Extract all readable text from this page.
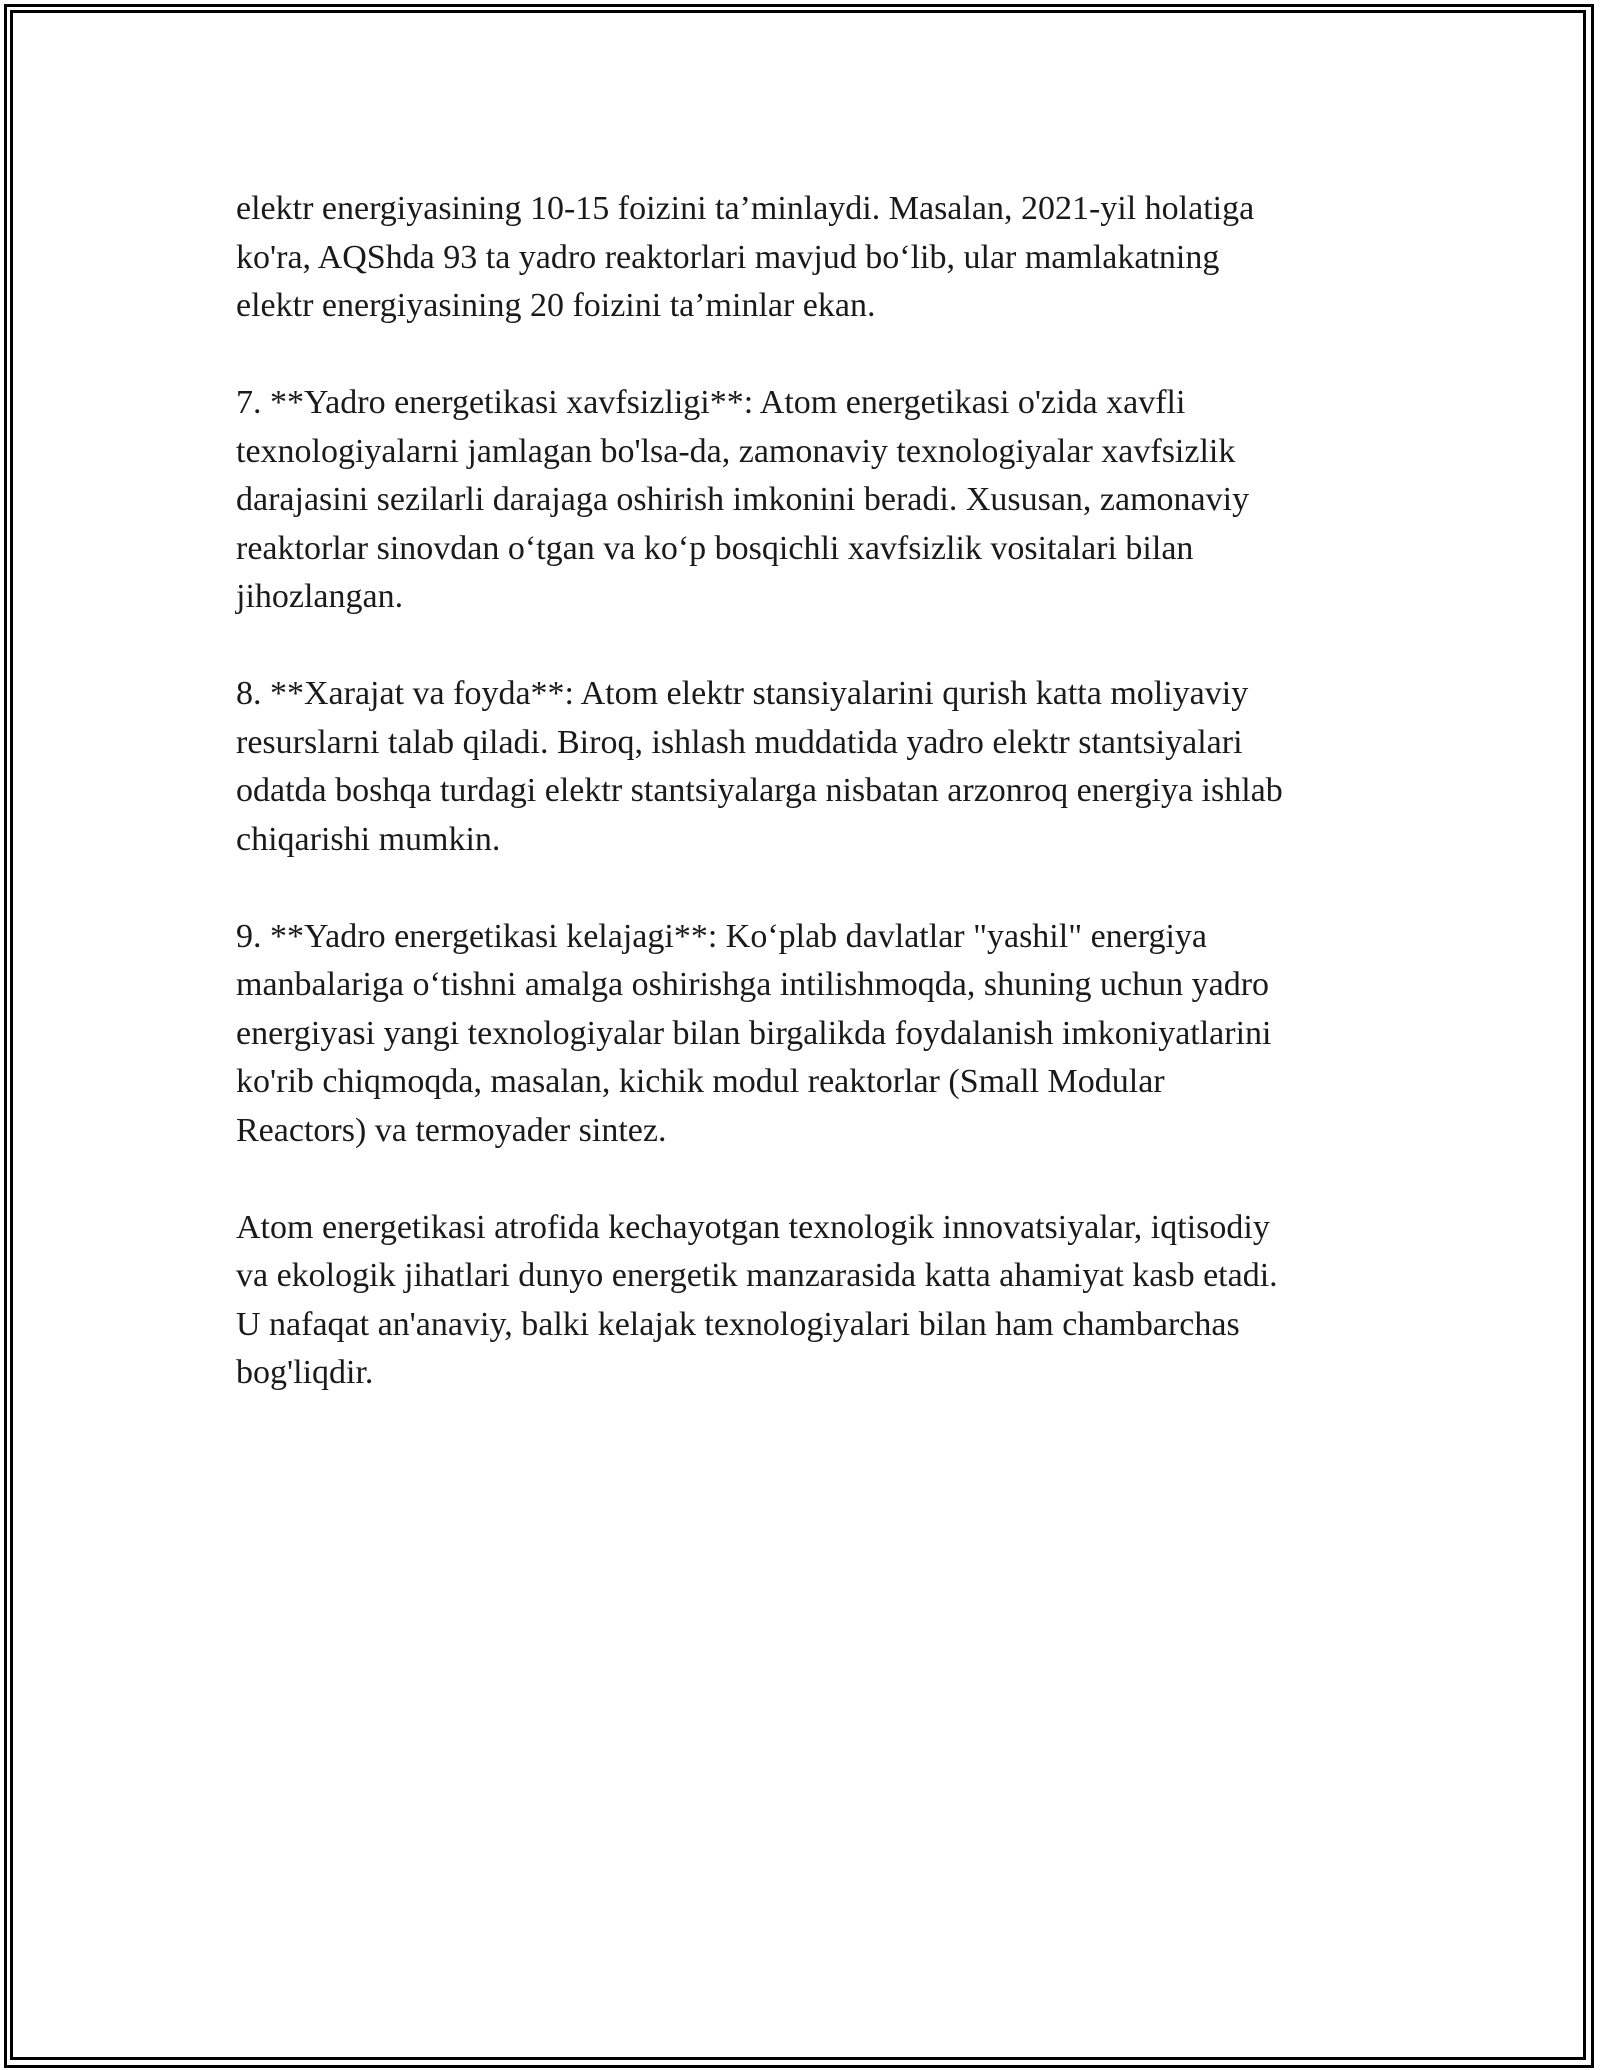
elektr energiyasining 10-15 foizini ta’minlaydi. Masalan, 2021-yil holatiga
ko'ra, AQShda 93 ta yadro reaktorlari mavjud bo‘lib, ular mamlakatning
elektr energiyasining 20 foizini ta’minlar ekan.
7. **Yadro energetikasi xavfsizligi**: Atom energetikasi o'zida xavfli
texnologiyalarni jamlagan bo'lsa-da, zamonaviy texnologiyalar xavfsizlik
darajasini sezilarli darajaga oshirish imkonini beradi. Xususan, zamonaviy
reaktorlar sinovdan o‘tgan va ko‘p bosqichli xavfsizlik vositalari bilan
jihozlangan.
8. **Xarajat va foyda**: Atom elektr stansiyalarini qurish katta moliyaviy
resurslarni talab qiladi. Biroq, ishlash muddatida yadro elektr stantsiyalari
odatda boshqa turdagi elektr stantsiyalarga nisbatan arzonroq energiya ishlab
chiqarishi mumkin.
9. **Yadro energetikasi kelajagi**: Ko‘plab davlatlar "yashil" energiya
manbalariga o‘tishni amalga oshirishga intilishmoqda, shuning uchun yadro
energiyasi yangi texnologiyalar bilan birgalikda foydalanish imkoniyatlarini
ko'rib chiqmoqda, masalan, kichik modul reaktorlar (Small Modular
Reactors) va termoyader sintez.
Atom energetikasi atrofida kechayotgan texnologik innovatsiyalar, iqtisodiy
va ekologik jihatlari dunyo energetik manzarasida katta ahamiyat kasb etadi.
U nafaqat an'anaviy, balki kelajak texnologiyalari bilan ham chambarchas
bog'liqdir.
